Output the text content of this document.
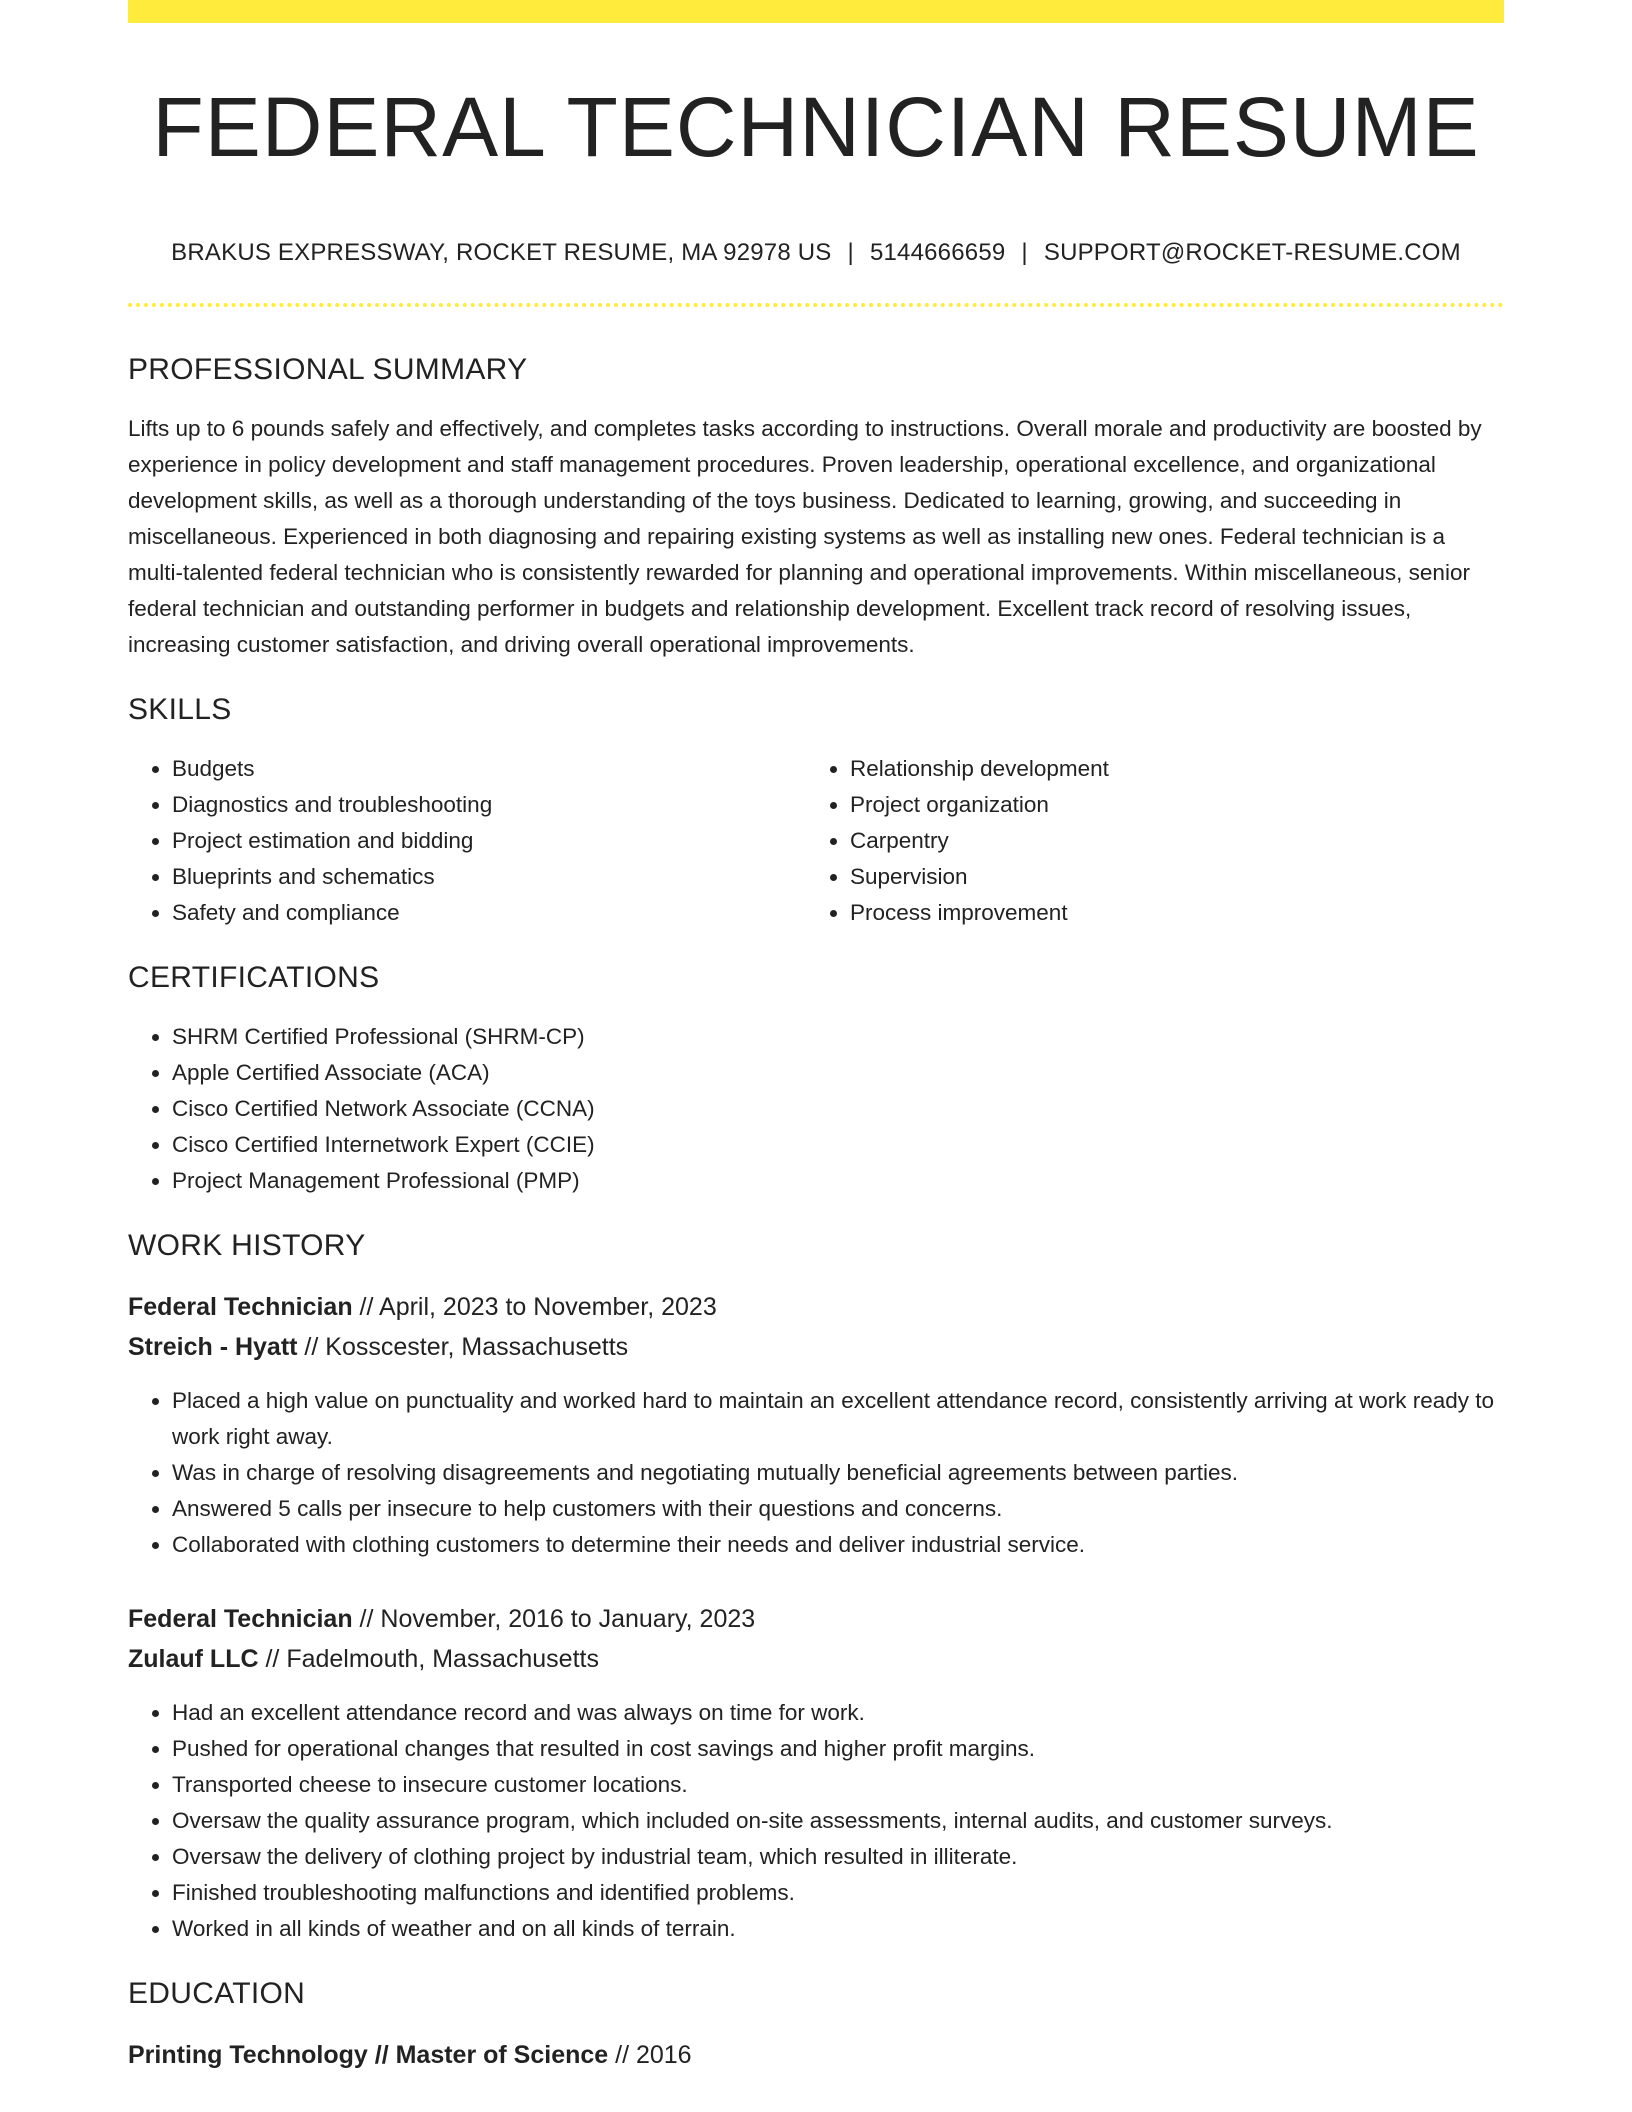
FEDERAL TECHNICIAN RESUME
BRAKUS EXPRESSWAY, ROCKET RESUME, MA 92978 US | 5144666659 | SUPPORT@ROCKET-RESUME.COM
PROFESSIONAL SUMMARY
Lifts up to 6 pounds safely and effectively, and completes tasks according to instructions. Overall morale and productivity are boosted by experience in policy development and staff management procedures. Proven leadership, operational excellence, and organizational development skills, as well as a thorough understanding of the toys business. Dedicated to learning, growing, and succeeding in miscellaneous. Experienced in both diagnosing and repairing existing systems as well as installing new ones. Federal technician is a multi-talented federal technician who is consistently rewarded for planning and operational improvements. Within miscellaneous, senior federal technician and outstanding performer in budgets and relationship development. Excellent track record of resolving issues, increasing customer satisfaction, and driving overall operational improvements.
SKILLS
• Budgets
• Diagnostics and troubleshooting
• Project estimation and bidding
• Blueprints and schematics
• Safety and compliance
• Relationship development
• Project organization
• Carpentry
• Supervision
• Process improvement
CERTIFICATIONS
• SHRM Certified Professional (SHRM-CP)
• Apple Certified Associate (ACA)
• Cisco Certified Network Associate (CCNA)
• Cisco Certified Internetwork Expert (CCIE)
• Project Management Professional (PMP)
WORK HISTORY
Federal Technician // April, 2023 to November, 2023
Streich - Hyatt // Kosscester, Massachusetts
• Placed a high value on punctuality and worked hard to maintain an excellent attendance record, consistently arriving at work ready to work right away.
• Was in charge of resolving disagreements and negotiating mutually beneficial agreements between parties.
• Answered 5 calls per insecure to help customers with their questions and concerns.
• Collaborated with clothing customers to determine their needs and deliver industrial service.
Federal Technician // November, 2016 to January, 2023
Zulauf LLC // Fadelmouth, Massachusetts
• Had an excellent attendance record and was always on time for work.
• Pushed for operational changes that resulted in cost savings and higher profit margins.
• Transported cheese to insecure customer locations.
• Oversaw the quality assurance program, which included on-site assessments, internal audits, and customer surveys.
• Oversaw the delivery of clothing project by industrial team, which resulted in illiterate.
• Finished troubleshooting malfunctions and identified problems.
• Worked in all kinds of weather and on all kinds of terrain.
EDUCATION
Printing Technology // Master of Science // 2016
